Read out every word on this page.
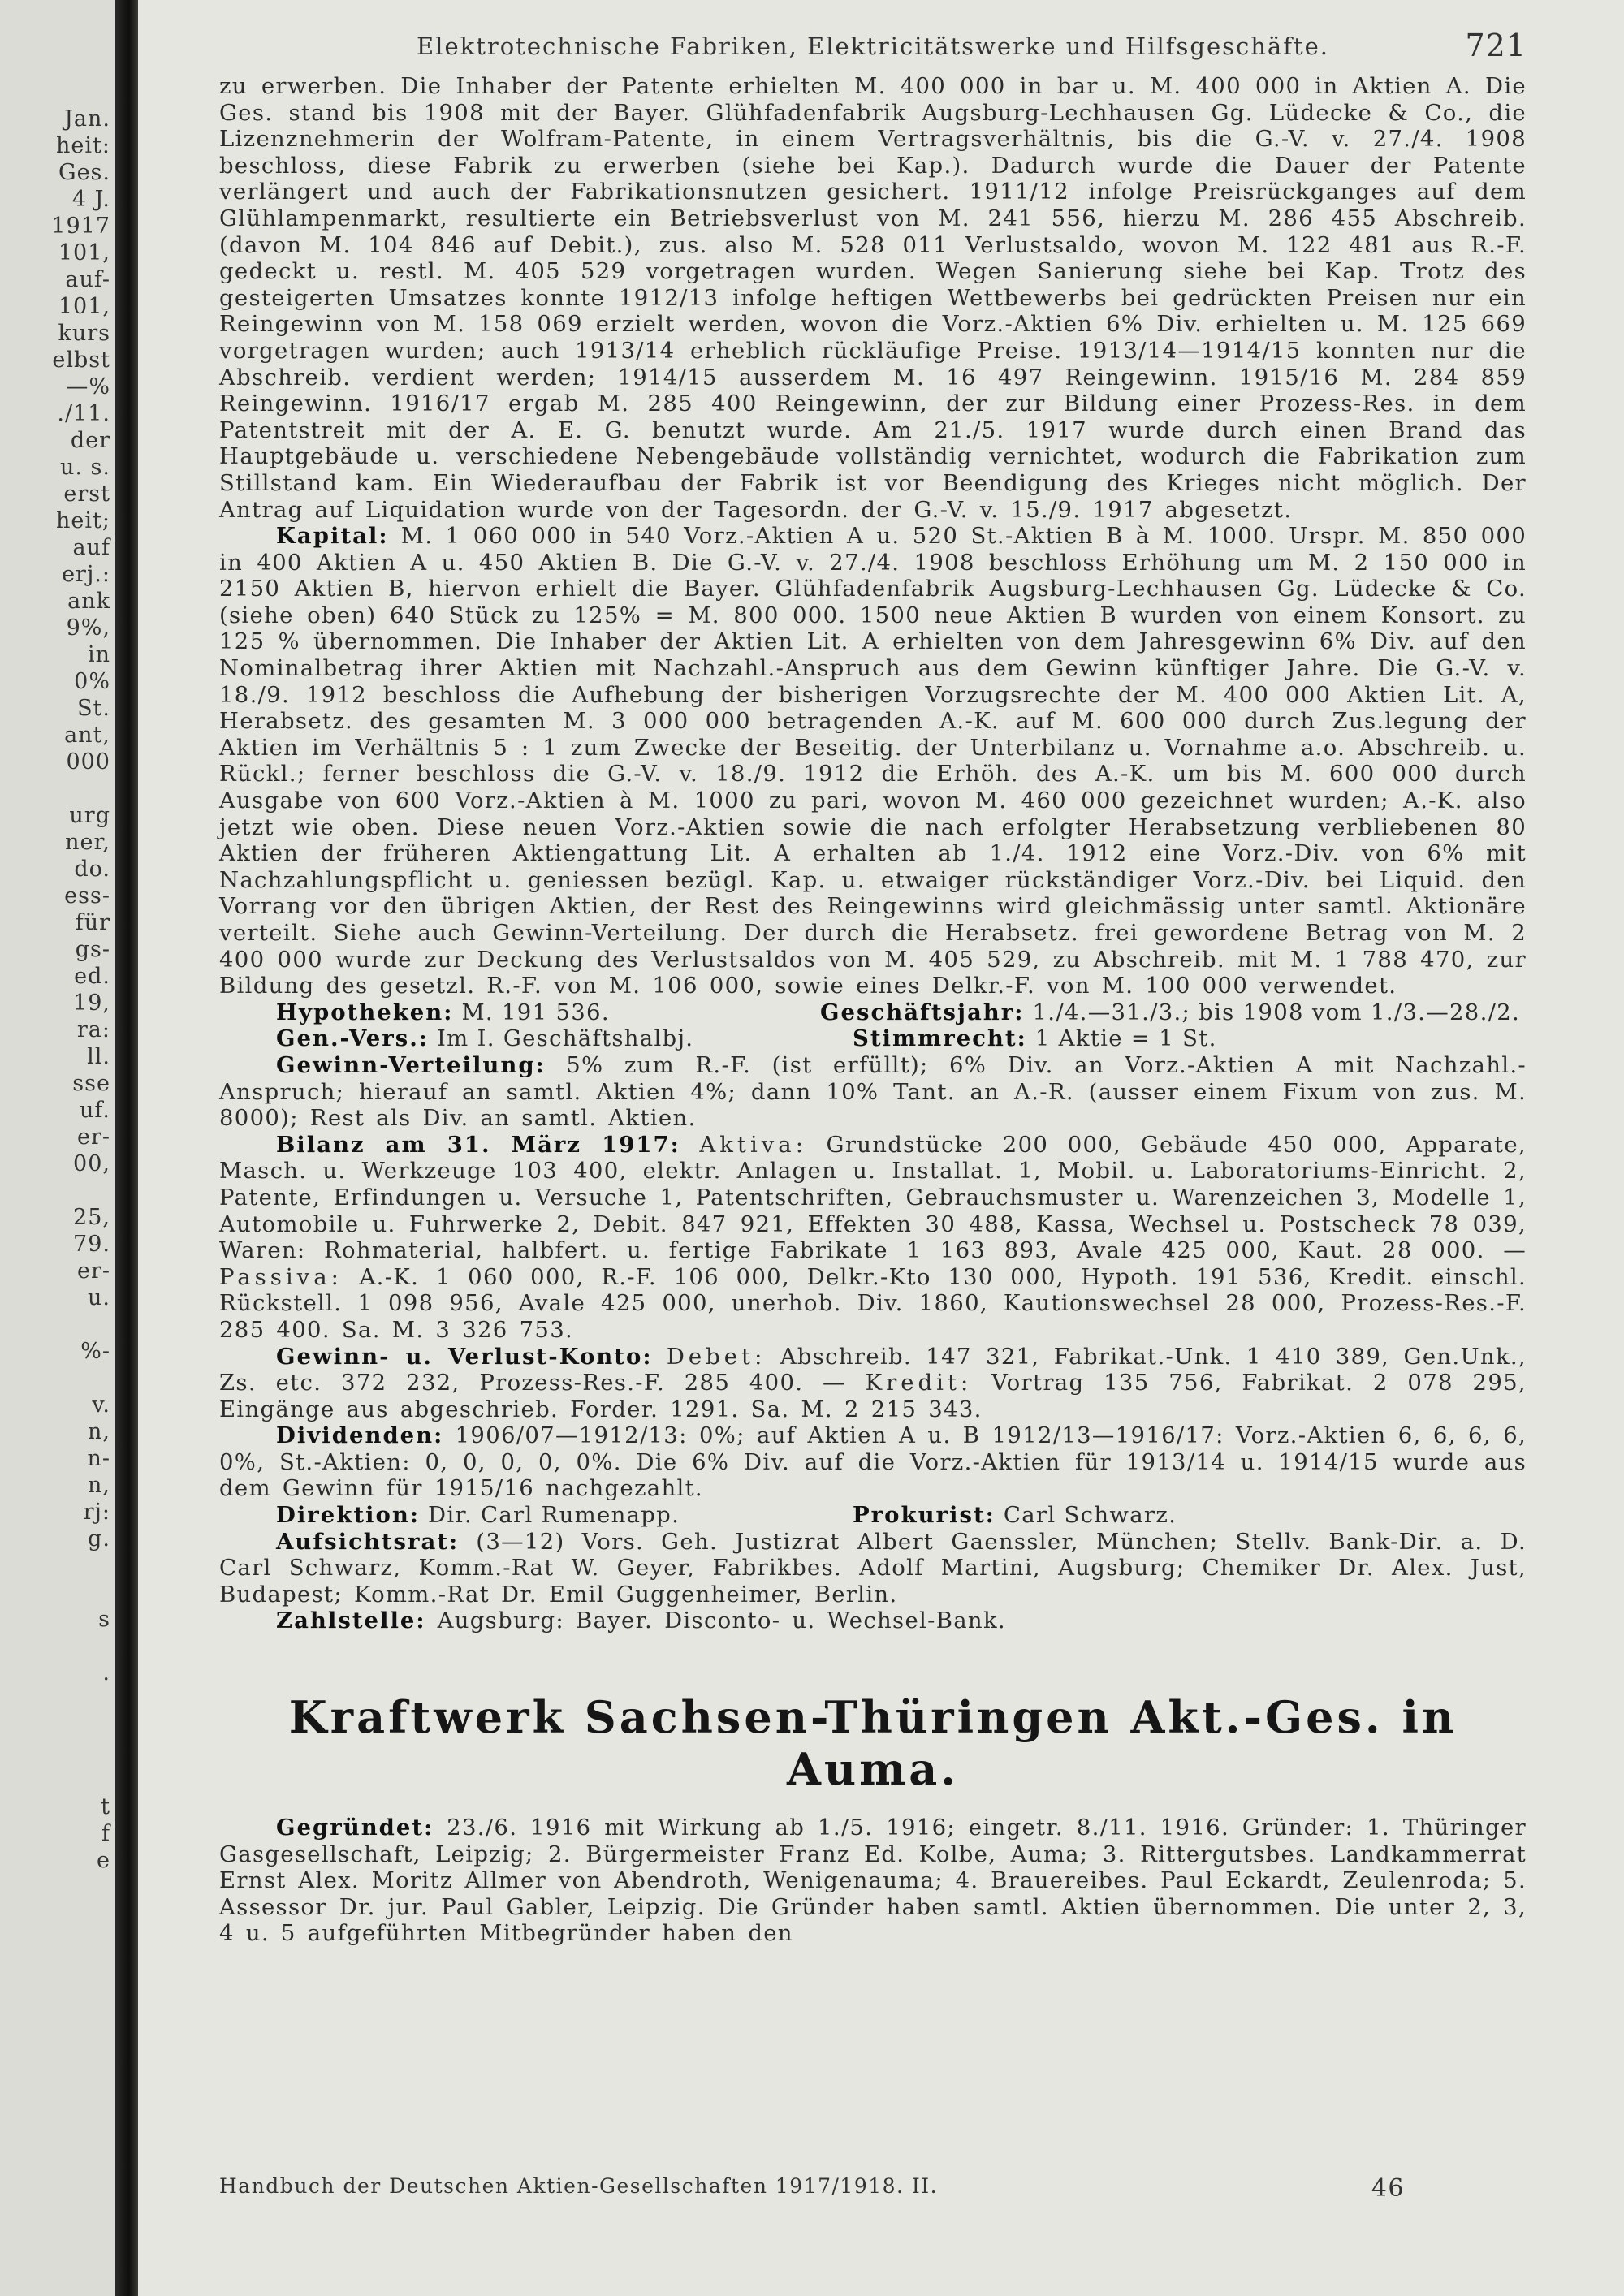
Jan.
heit:
Ges.
4 J.
1917
101,
auf-
101,
kurs
elbst
—%
./11.
der
u. s.
erst
heit;
auf
erj.:
ank
9%,
in
0%
St.
ant,
000
urg
ner,
do.
ess-
für
gs-
ed.
19,
ra:
ll.
sse
uf.
er-
00,
25,
79.
er-
u.
%-
v.
n,
n-
n,
rj:
g.
s
.
t
f
e
Elektrotechnische Fabriken, Elektricitätswerke und Hilfsgeschäfte.	721

zu erwerben. Die Inhaber der Patente erhielten M. 400 000 in bar u. M. 400 000 in Aktien A. Die Ges. stand bis 1908 mit der Bayer. Glühfadenfabrik Augsburg-Lechhausen Gg. Lüdecke & Co., die Lizenznehmerin der Wolfram-Patente, in einem Vertragsverhältnis, bis die G.-V. v. 27./4. 1908 beschloss, diese Fabrik zu erwerben (siehe bei Kap.). Dadurch wurde die Dauer der Patente verlängert und auch der Fabrikationsnutzen gesichert. 1911/12 infolge Preisrückganges auf dem Glühlampenmarkt, resultierte ein Betriebsverlust von M. 241 556, hierzu M. 286 455 Abschreib. (davon M. 104 846 auf Debit.), zus. also M. 528 011 Verlustsaldo, wovon M. 122 481 aus R.-F. gedeckt u. restl. M. 405 529 vorgetragen wurden. Wegen Sanierung siehe bei Kap. Trotz des gesteigerten Umsatzes konnte 1912/13 infolge heftigen Wettbewerbs bei gedrückten Preisen nur ein Reingewinn von M. 158 069 erzielt werden, wovon die Vorz.-Aktien 6% Div. erhielten u. M. 125 669 vorgetragen wurden; auch 1913/14 erheblich rückläufige Preise. 1913/14—1914/15 konnten nur die Abschreib. verdient werden; 1914/15 ausserdem M. 16 497 Reingewinn. 1915/16 M. 284 859 Reingewinn. 1916/17 ergab M. 285 400 Reingewinn, der zur Bildung einer Prozess-Res. in dem Patentstreit mit der A. E. G. benutzt wurde. Am 21./5. 1917 wurde durch einen Brand das Hauptgebäude u. verschiedene Nebengebäude vollständig vernichtet, wodurch die Fabrikation zum Stillstand kam. Ein Wiederaufbau der Fabrik ist vor Beendigung des Krieges nicht möglich. Der Antrag auf Liquidation wurde von der Tagesordn. der G.-V. v. 15./9. 1917 abgesetzt.

Kapital: M. 1 060 000 in 540 Vorz.-Aktien A u. 520 St.-Aktien B à M. 1000. Urspr. M. 850 000 in 400 Aktien A u. 450 Aktien B. Die G.-V. v. 27./4. 1908 beschloss Erhöhung um M. 2 150 000 in 2150 Aktien B, hiervon erhielt die Bayer. Glühfadenfabrik Augsburg-Lechhausen Gg. Lüdecke & Co. (siehe oben) 640 Stück zu 125% = M. 800 000. 1500 neue Aktien B wurden von einem Konsort. zu 125 % übernommen. Die Inhaber der Aktien Lit. A erhielten von dem Jahresgewinn 6% Div. auf den Nominalbetrag ihrer Aktien mit Nachzahl.-Anspruch aus dem Gewinn künftiger Jahre. Die G.-V. v. 18./9. 1912 beschloss die Aufhebung der bisherigen Vorzugsrechte der M. 400 000 Aktien Lit. A, Herabsetz. des gesamten M. 3 000 000 betragenden A.-K. auf M. 600 000 durch Zus.legung der Aktien im Verhältnis 5 : 1 zum Zwecke der Beseitig. der Unterbilanz u. Vornahme a.o. Abschreib. u. Rückl.; ferner beschloss die G.-V. v. 18./9. 1912 die Erhöh. des A.-K. um bis M. 600 000 durch Ausgabe von 600 Vorz.-Aktien à M. 1000 zu pari, wovon M. 460 000 gezeichnet wurden; A.-K. also jetzt wie oben. Diese neuen Vorz.-Aktien sowie die nach erfolgter Herabsetzung verbliebenen 80 Aktien der früheren Aktiengattung Lit. A erhalten ab 1./4. 1912 eine Vorz.-Div. von 6% mit Nachzahlungspflicht u. geniessen bezügl. Kap. u. etwaiger rückständiger Vorz.-Div. bei Liquid. den Vorrang vor den übrigen Aktien, der Rest des Reingewinns wird gleichmässig unter samtl. Aktionäre verteilt. Siehe auch Gewinn-Verteilung. Der durch die Herabsetz. frei gewordene Betrag von M. 2 400 000 wurde zur Deckung des Verlustsaldos von M. 405 529, zu Abschreib. mit M. 1 788 470, zur Bildung des gesetzl. R.-F. von M. 106 000, sowie eines Delkr.-F. von M. 100 000 verwendet.

Hypotheken: M. 191 536.	Geschäftsjahr: 1./4.—31./3.; bis 1908 vom 1./3.—28./2.
Gen.-Vers.: Im I. Geschäftshalbj.	Stimmrecht: 1 Aktie = 1 St.

Gewinn-Verteilung: 5% zum R.-F. (ist erfüllt); 6% Div. an Vorz.-Aktien A mit Nachzahl.-Anspruch; hierauf an samtl. Aktien 4%; dann 10% Tant. an A.-R. (ausser einem Fixum von zus. M. 8000); Rest als Div. an samtl. Aktien.

Bilanz am 31. März 1917: Aktiva: Grundstücke 200 000, Gebäude 450 000, Apparate, Masch. u. Werkzeuge 103 400, elektr. Anlagen u. Installat. 1, Mobil. u. Laboratoriums-Einricht. 2, Patente, Erfindungen u. Versuche 1, Patentschriften, Gebrauchsmuster u. Warenzeichen 3, Modelle 1, Automobile u. Fuhrwerke 2, Debit. 847 921, Effekten 30 488, Kassa, Wechsel u. Postscheck 78 039, Waren: Rohmaterial, halbfert. u. fertige Fabrikate 1 163 893, Avale 425 000, Kaut. 28 000. — Passiva: A.-K. 1 060 000, R.-F. 106 000, Delkr.-Kto 130 000, Hypoth. 191 536, Kredit. einschl. Rückstell. 1 098 956, Avale 425 000, unerhob. Div. 1860, Kautionswechsel 28 000, Prozess-Res.-F. 285 400. Sa. M. 3 326 753.

Gewinn- u. Verlust-Konto: Debet: Abschreib. 147 321, Fabrikat.-Unk. 1 410 389, Gen.Unk., Zs. etc. 372 232, Prozess-Res.-F. 285 400. — Kredit: Vortrag 135 756, Fabrikat. 2 078 295, Eingänge aus abgeschrieb. Forder. 1291. Sa. M. 2 215 343.

Dividenden: 1906/07—1912/13: 0%; auf Aktien A u. B 1912/13—1916/17: Vorz.-Aktien 6, 6, 6, 6, 0%, St.-Aktien: 0, 0, 0, 0, 0%. Die 6% Div. auf die Vorz.-Aktien für 1913/14 u. 1914/15 wurde aus dem Gewinn für 1915/16 nachgezahlt.

Direktion: Dir. Carl Rumenapp.	Prokurist: Carl Schwarz.

Aufsichtsrat: (3—12) Vors. Geh. Justizrat Albert Gaenssler, München; Stellv. Bank-Dir. a. D. Carl Schwarz, Komm.-Rat W. Geyer, Fabrikbes. Adolf Martini, Augsburg; Chemiker Dr. Alex. Just, Budapest; Komm.-Rat Dr. Emil Guggenheimer, Berlin.

Zahlstelle: Augsburg: Bayer. Disconto- u. Wechsel-Bank.

Kraftwerk Sachsen-Thüringen Akt.-Ges. in Auma.

Gegründet: 23./6. 1916 mit Wirkung ab 1./5. 1916; eingetr. 8./11. 1916. Gründer: 1. Thüringer Gasgesellschaft, Leipzig; 2. Bürgermeister Franz Ed. Kolbe, Auma; 3. Rittergutsbes. Landkammerrat Ernst Alex. Moritz Allmer von Abendroth, Wenigenauma; 4. Brauereibes. Paul Eckardt, Zeulenroda; 5. Assessor Dr. jur. Paul Gabler, Leipzig. Die Gründer haben samtl. Aktien übernommen. Die unter 2, 3, 4 u. 5 aufgeführten Mitbegründer haben den

Handbuch der Deutschen Aktien-Gesellschaften 1917/1918. II.	46
